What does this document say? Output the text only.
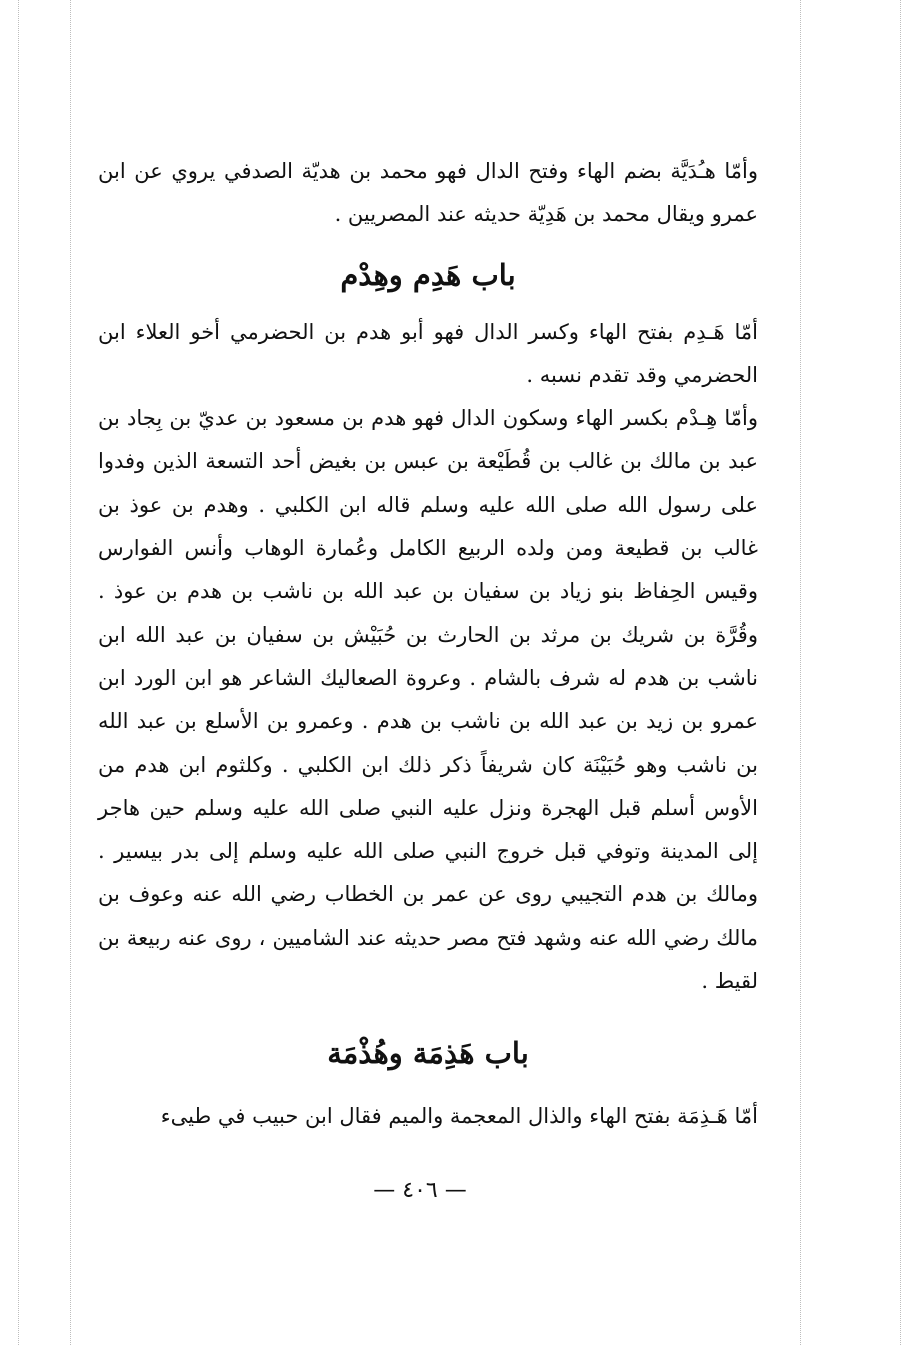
وأمّا هـُدَيَّة بضم الهاء وفتح الدال فهو محمد بن هديّة الصدفي يروي عن ابن عمرو ويقال محمد بن هَدِيّة حديثه عند المصريين .

باب هَدِم وهِدْم

أمّا هَـدِم بفتح الهاء وكسر الدال فهو أبو هدم بن الحضرمي أخو العلاء ابن الحضرمي وقد تقدم نسبه .

وأمّا هِـدْم بكسر الهاء وسكون الدال فهو هدم بن مسعود بن عديّ بن بِجاد بن عبد بن مالك بن غالب بن قُطَيْعة بن عبس بن بغيض أحد التسعة الذين وفدوا على رسول الله صلى الله عليه وسلم قاله ابن الكلبي . وهدم بن عوذ بن غالب بن قطيعة ومن ولده الربيع الكامل وعُمارة الوهاب وأنس الفوارس وقيس الحِفاظ بنو زياد بن سفيان بن عبد الله بن ناشب بن هدم بن عوذ . وقُرَّة بن شريك بن مرثد بن الحارث بن حُبَيْش بن سفيان بن عبد الله ابن ناشب بن هدم له شرف بالشام . وعروة الصعاليك الشاعر هو ابن الورد ابن عمرو بن زيد بن عبد الله بن ناشب بن هدم . وعمرو بن الأسلع بن عبد الله بن ناشب وهو حُبَيْنَة كان شريفاً ذكر ذلك ابن الكلبي . وكلثوم ابن هدم من الأوس أسلم قبل الهجرة ونزل عليه النبي صلى الله عليه وسلم حين هاجر إلى المدينة وتوفي قبل خروج النبي صلى الله عليه وسلم إلى بدر بيسير . ومالك بن هدم التجيبي روى عن عمر بن الخطاب رضي الله عنه وعوف بن مالك رضي الله عنه وشهد فتح مصر حديثه عند الشاميين ، روى عنه ربيعة بن لقيط .

باب هَذِمَة وهُذْمَة

أمّا هَـذِمَة بفتح الهاء والذال المعجمة والميم فقال ابن حبيب في طيىء

— ٤٠٦ —
